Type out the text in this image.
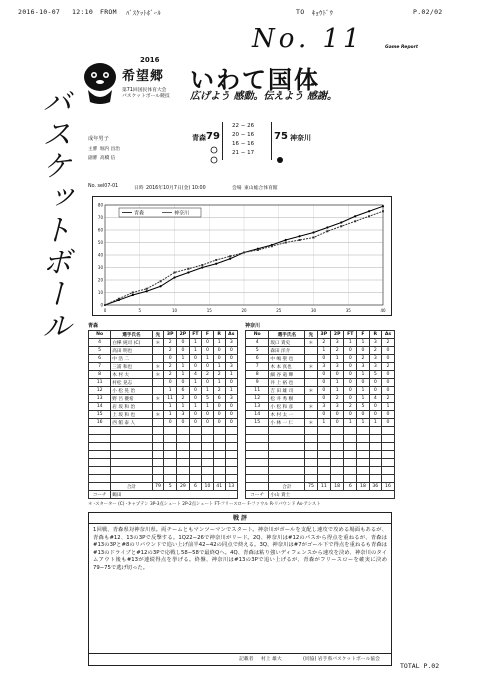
2016-10-07 12:10 FROM ﾊﾞｽｹｯﾄﾎﾞｰﾙ	TO ｷｮｳﾄﾞｳ	P.02/02
No. 11	Game Report
バスケットボール
2016
希望郷 いわて国体
第71回国民体育大会
バスケットボール競技 広げよう 感動。伝えよう 感謝。
成年男子
主審 堀内 昌治
副審 高橋 信
青森 79
22 − 26
20 − 16
16 − 16
21 − 17
75 神奈川
No. sel07-01	日時 2016年10月7日(金) 10:00	会場 東山総合体育館
0
10
20
30
40
50
60
70
80
0	5	10	15	20	25	30	35	40
青森	神奈川
青森	神奈川
No	選手氏名	先	3P	2P	FT	F	R	As
4	白樺 純司 (C)	＊	2	0	1	0	1	3
5	高田 明也		2	0	1	0	0	0
6	中 浩 二		0	1	0	1	0	0
7	三浦 和也	＊	2	1	0	0	1	3
8	木 村 大	＊	2	1	4	2	2	1
11	村松 晃志		0	0	1	0	1	0
12	小 松 晃 治		1	6	0	1	2	1
13	野 呂 優希	＊	11	2	0	5	6	3
14	岩 坂 和 治		1	1	1	1	0	0
15	上 坂 和 也	＊	1	3	0	0	0	0
16	西 館 泰 人		0	0	0	0	0	0

	合計	79	5	29	6	10	41	13
コーチ	鶴田							
No	選手氏名	先	3P	2P	FT	F	R	As
4	坂口 貴史	＊	2	3	1	1	3	2
5	森田 洋介		1	2	0	0	2	0
6	中 嶋 聖 也		0	1	0	2	3	0
7	木 本 真也	＊	3	3	0	3	3	2
8	細 谷 竜 輝		0	0	0	1	5	0
9	井 上 裕 也		0	1	0	0	0	0
11	吉 田 雄 司	＊	0	1	0	1	0	0
12	松 井 秀 樹		0	2	0	1	4	2
13	小 松 和 彦	＊	3	3	2	5	0	1
14	木 村 太 一		0	0	0	0	0	0
15	小 林 一 仁	＊	1	0	1	1	1	0

	合計	75	11	18	6	18	36	16
コーチ	小山 貴士							
＊ -スターター (C) -キャプテン 3P-3点シュート 2P-2点シュート FT-フリースロー F-ファウル R-リバウンド As-アシスト
戦 評
1回戦、青森県対神奈川県。両チームともマンツーマンでスタート。神奈川がボールを支配し速攻で攻める場面もあるが、青森も#12、13の3Pで反撃する。1Q22−26で神奈川がリード。2Q、神奈川は#12のパスから得点を重ねるが、青森は#13の3Pと#8のリバウンドで追い上げ前半42−42の同点で終える。3Q、神奈川は#7がゴール下で得点を重ねるも青森は#13のドライブと#12の3Pで応戦し58−58で最終Qへ。4Q、青森は粘り強いディフェンスから速攻を決め、神奈川のタイムアウト後も#13が連続得点を挙げる。終盤、神奈川は#13の3Pで追い上げるが、青森がフリースローを確実に決め79−75で逃げ切った。
記載者 村上 雄大	(同協) 岩手県バスケットボール協会
TOTAL P.02
